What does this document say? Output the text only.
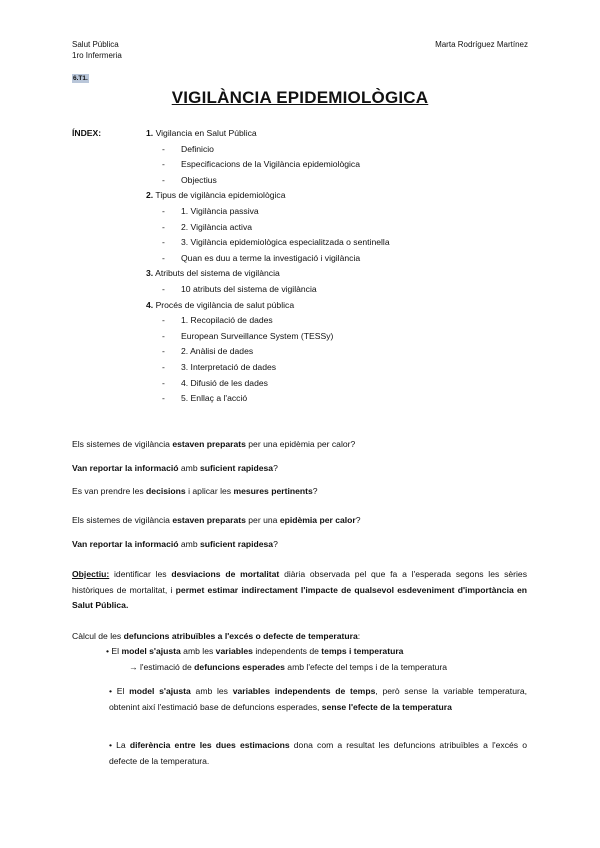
Salut Pública
1ro Infermeria
Marta Rodríguez Martínez
6.T1.
VIGILÀNCIA EPIDEMIOLÒGICA
ÍNDEX:	1. Vigilancia en Salut Pública
- Definicio
- Especificacions de la Vigilància epidemiològica
- Objectius
2. Tipus de vigilància epidemiològica
- 1. Vigilància passiva
- 2. Vigilància activa
- 3. Vigilància epidemiològica especialitzada o sentinella
- Quan es duu a terme la investigació i vigilància
3. Atributs del sistema de vigilància
- 10 atributs del sistema de vigilància
4. Procés de vigilància de salut pública
- 1. Recopilació de dades
- European Surveillance System (TESSy)
- 2. Anàlisi de dades
- 3. Interpretació de dades
- 4. Difusió de les dades
- 5. Enllaç a l'acció
Els sistemes de vigilància estaven preparats per una epidèmia per calor?
Van reportar la informació amb suficient rapidesa?
Es van prendre les decisions i aplicar les mesures pertinents?
Els sistemes de vigilància estaven preparats per una epidèmia per calor?
Van reportar la informació amb suficient rapidesa?
Objectiu: identificar les desviacions de mortalitat diària observada pel que fa a l'esperada segons les sèries històriques de mortalitat, i permet estimar indirectament l'impacte de qualsevol esdeveniment d'importància en Salut Pública.
Càlcul de les defuncions atribuïbles a l'excés o defecte de temperatura:
• El model s'ajusta amb les variables independents de temps i temperatura
→ l'estimació de defuncions esperades amb l'efecte del temps i de la temperatura
• El model s'ajusta amb les variables independents de temps, però sense la variable temperatura, obtenint així l'estimació base de defuncions esperades, sense l'efecte de la temperatura
• La diferència entre les dues estimacions dona com a resultat les defuncions atribuïbles a l'excés o defecte de la temperatura.
